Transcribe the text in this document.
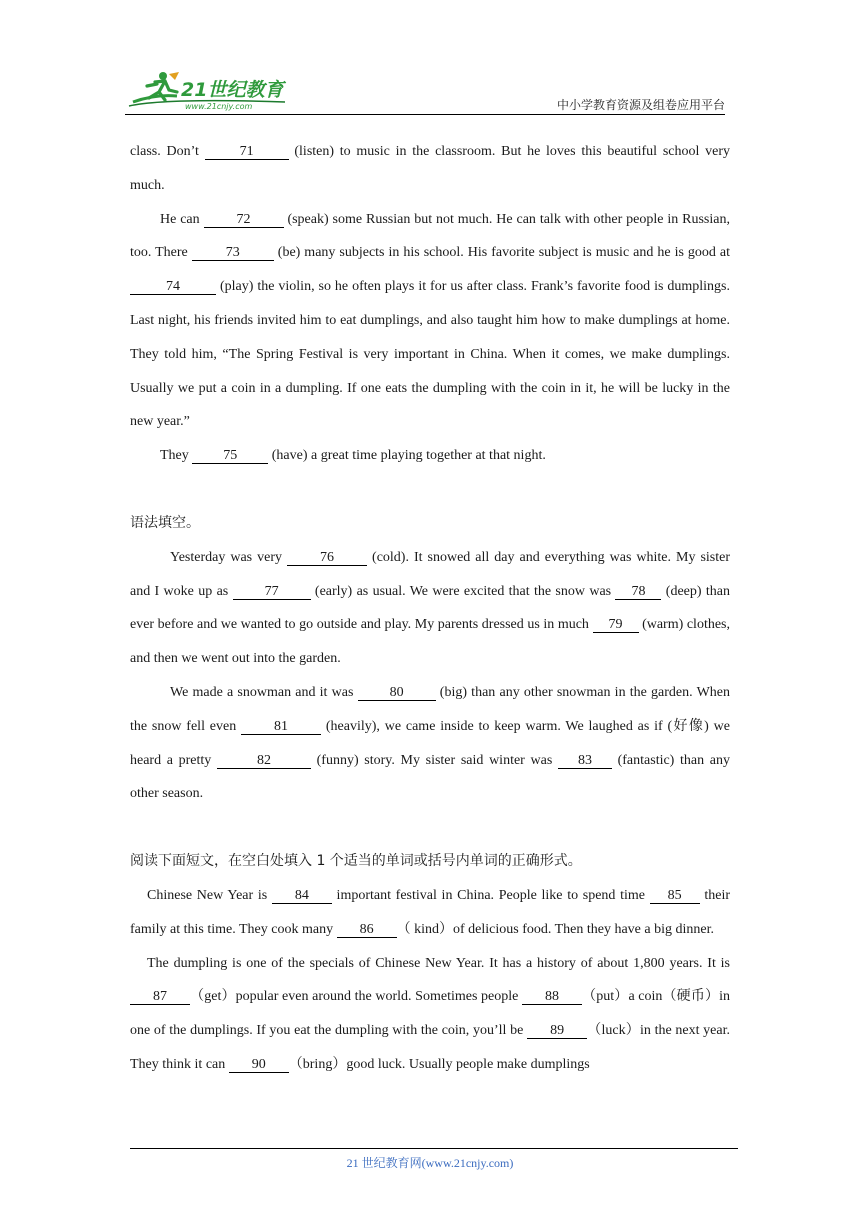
21世纪教育
www.21cnjy.com	中小学教育资源及组卷应用平台

class. Don’t	71	(listen) to music in the classroom. But he loves this beautiful school very much.

He can 72 (speak) some Russian but not much. He can talk with other people in Russian, too. There 73 (be) many subjects in his school. His favorite subject is music and he is good at 74	(play) the violin, so he often plays it for us after class. Frank’s favorite food is dumplings. Last night, his friends invited him to eat dumplings, and also taught him how to make dumplings at home. They told him, “The Spring Festival is very important in China. When it comes, we make dumplings. Usually we put a coin in a dumpling. If one eats the dumpling with the coin in it, he will be lucky in the new year.”

They 75 (have) a great time playing together at that night.

语法填空。

Yesterday was very 76 (cold). It snowed all day and everything was white. My sister and I woke up as 77 (early) as usual. We were excited that the snow was 78 (deep) than ever before and we wanted to go outside and play. My parents dressed us in much 79 (warm) clothes, and then we went out into the garden.

We made a snowman and it was 80 (big) than any other snowman in the garden. When the snow fell even 81 (heavily), we came inside to keep warm. We laughed as if (好像) we heard a pretty	82	(funny) story. My sister said winter was 83 (fantastic) than any other season.

阅读下面短文，在空白处填入 1 个适当的单词或括号内单词的正确形式。

Chinese New Year is 84 important festival in China. People like to spend time 85 their family at this time. They cook many 86 （ kind）of delicious food. Then they have a big dinner.

The dumpling is one of the specials of Chinese New Year. It has a history of about 1,800 years. It is 87 （get）popular even around the world. Sometimes people 88 （put）a coin（硬币）in one of the dumplings. If you eat the dumpling with the coin, you’ll be 89 （luck）in the next year. They think it can 90 （bring）good luck. Usually people make dumplings

21 世纪教育网(www.21cnjy.com)
